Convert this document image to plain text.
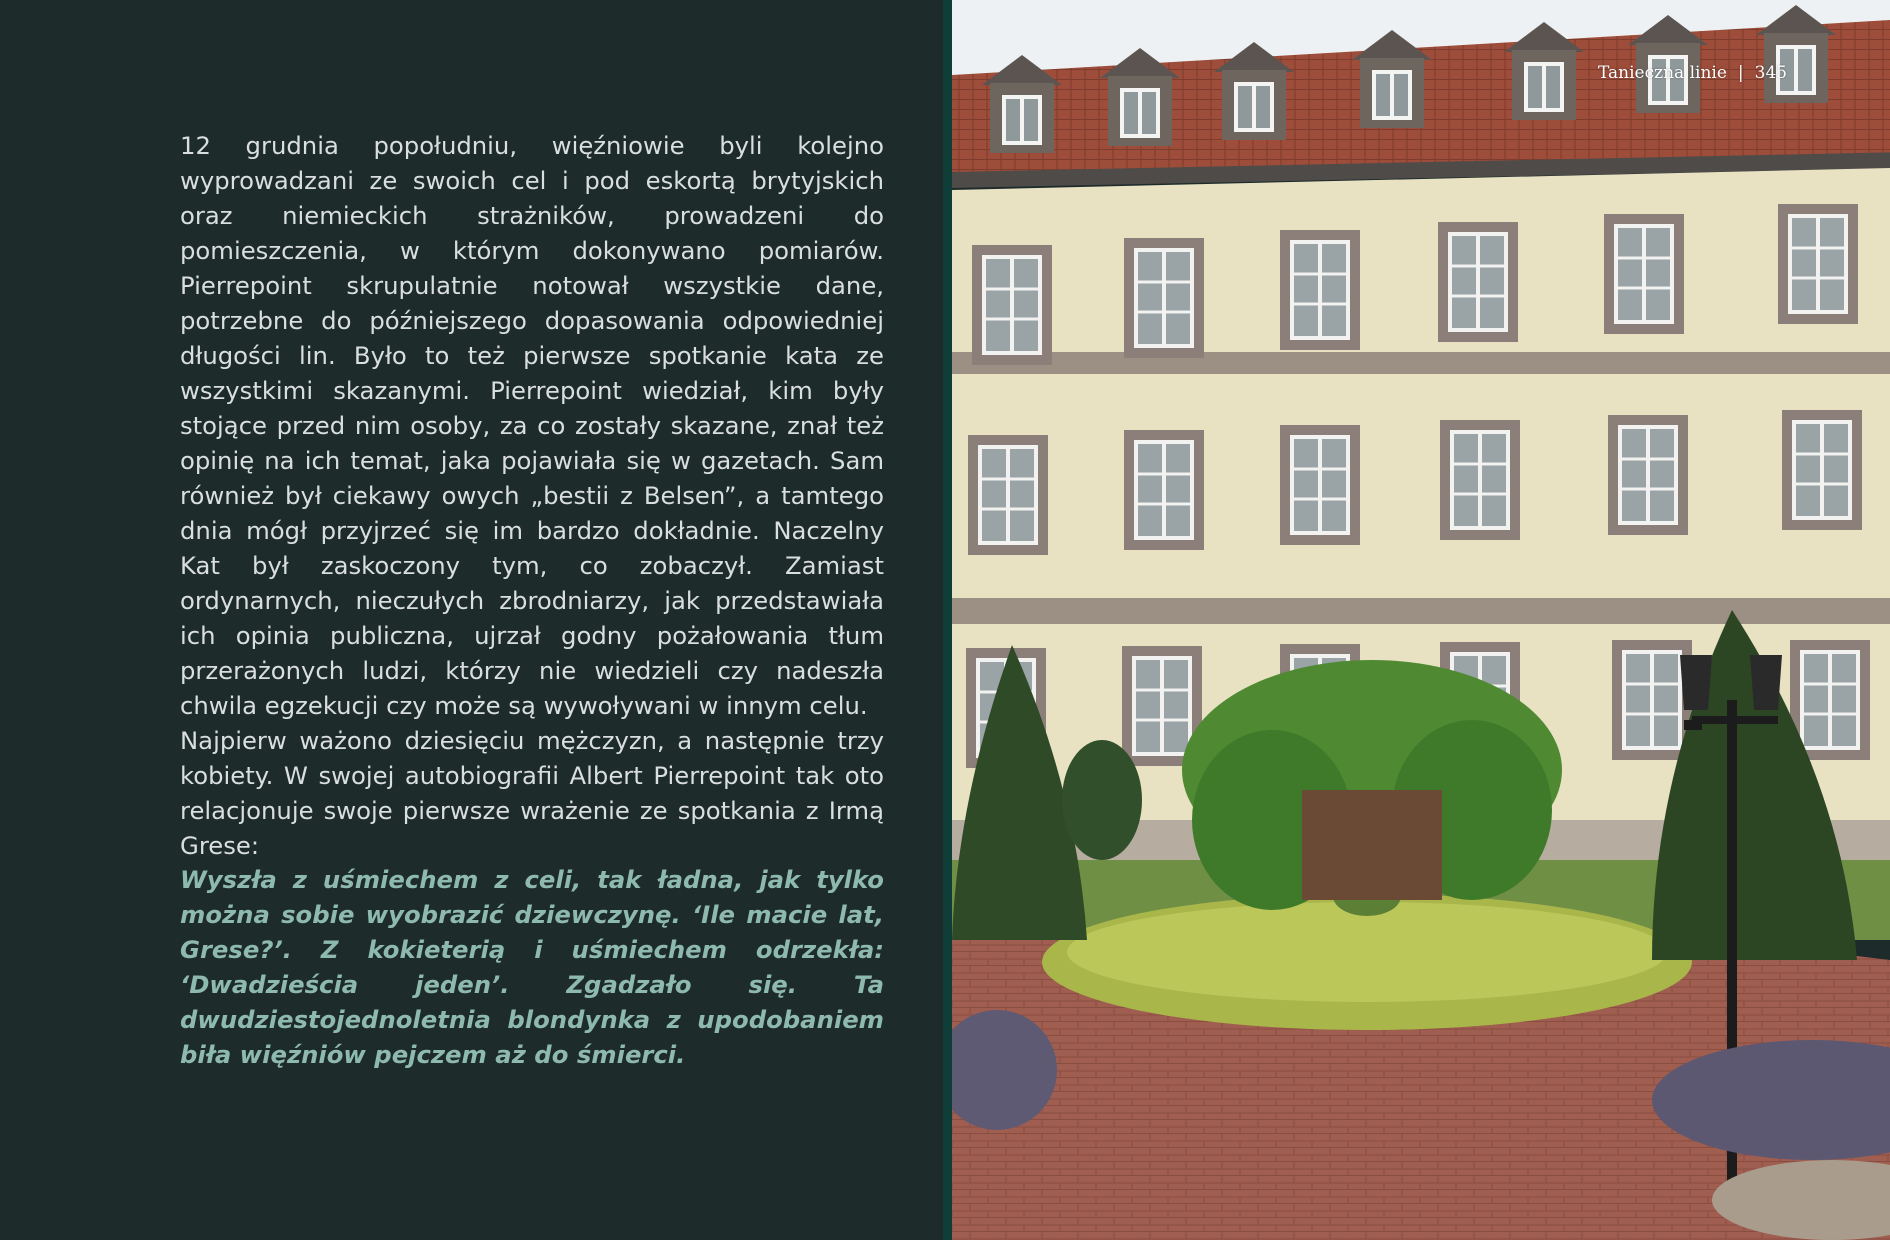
12 grudnia popołudniu, więźniowie byli kolejno wyprowadzani ze swoich cel i pod eskortą brytyjskich oraz niemieckich strażników, prowadzeni do pomieszczenia, w którym dokonywano pomiarów. Pierrepoint skrupulatnie notował wszystkie dane, potrzebne do późniejszego dopasowania odpowiedniej długości lin. Było to też pierwsze spotkanie kata ze wszystkimi skazanymi. Pierrepoint wiedział, kim były stojące przed nim osoby, za co zostały skazane, znał też opinię na ich temat, jaka pojawiała się w gazetach. Sam również był ciekawy owych „bestii z Belsen”, a tamtego dnia mógł przyjrzeć się im bardzo dokładnie. Naczelny Kat był zaskoczony tym, co zobaczył. Zamiast ordynarnych, nieczułych zbrodniarzy, jak przedstawiała ich opinia publiczna, ujrzał godny pożałowania tłum przerażonych ludzi, którzy nie wiedzieli czy nadeszła chwila egzekucji czy może są wywoływani w innym celu.

Najpierw ważono dziesięciu mężczyzn, a następnie trzy kobiety. W swojej autobiografii Albert Pierrepoint tak oto relacjonuje swoje pierwsze wrażenie ze spotkania z Irmą Grese:

Wyszła z uśmiechem z celi, tak ładna, jak tylko można sobie wyobrazić dziewczynę. ‘Ile macie lat, Grese?’. Z kokieterią i uśmiechem odrzekła: ‘Dwadzieścia jeden’. Zgadzało się. Ta dwudziestojednoletnia blondynka z upodobaniem biła więźniów pejczem aż do śmierci.
Tanieczna linie | 345
